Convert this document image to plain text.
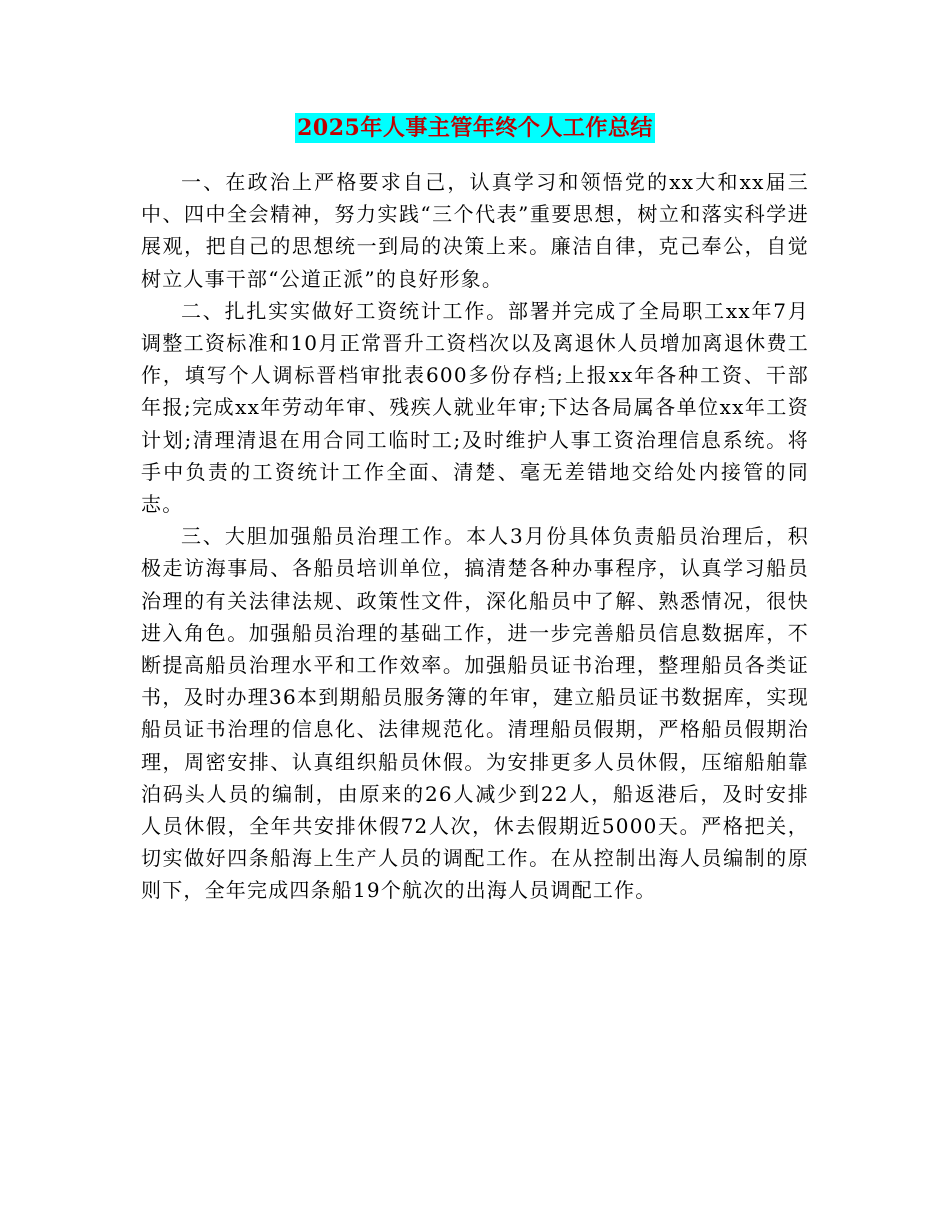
2025年人事主管年终个人工作总结

一、在政治上严格要求自己，认真学习和领悟党的xx大和xx届三中、四中全会精神，努力实践“三个代表”重要思想，树立和落实科学进展观，把自己的思想统一到局的决策上来。廉洁自律，克己奉公，自觉树立人事干部“公道正派”的良好形象。

二、扎扎实实做好工资统计工作。部署并完成了全局职工xx年7月调整工资标准和10月正常晋升工资档次以及离退休人员增加离退休费工作，填写个人调标晋档审批表600多份存档;上报xx年各种工资、干部年报;完成xx年劳动年审、残疾人就业年审;下达各局属各单位xx年工资计划;清理清退在用合同工临时工;及时维护人事工资治理信息系统。将手中负责的工资统计工作全面、清楚、毫无差错地交给处内接管的同志。

三、大胆加强船员治理工作。本人3月份具体负责船员治理后，积极走访海事局、各船员培训单位，搞清楚各种办事程序，认真学习船员治理的有关法律法规、政策性文件，深化船员中了解、熟悉情况，很快进入角色。加强船员治理的基础工作，进一步完善船员信息数据库，不断提高船员治理水平和工作效率。加强船员证书治理，整理船员各类证书，及时办理36本到期船员服务簿的年审，建立船员证书数据库，实现船员证书治理的信息化、法律规范化。清理船员假期，严格船员假期治理，周密安排、认真组织船员休假。为安排更多人员休假，压缩船舶靠泊码头人员的编制，由原来的26人减少到22人，船返港后，及时安排人员休假，全年共安排休假72人次，休去假期近5000天。严格把关，切实做好四条船海上生产人员的调配工作。在从控制出海人员编制的原则下，全年完成四条船19个航次的出海人员调配工作。
